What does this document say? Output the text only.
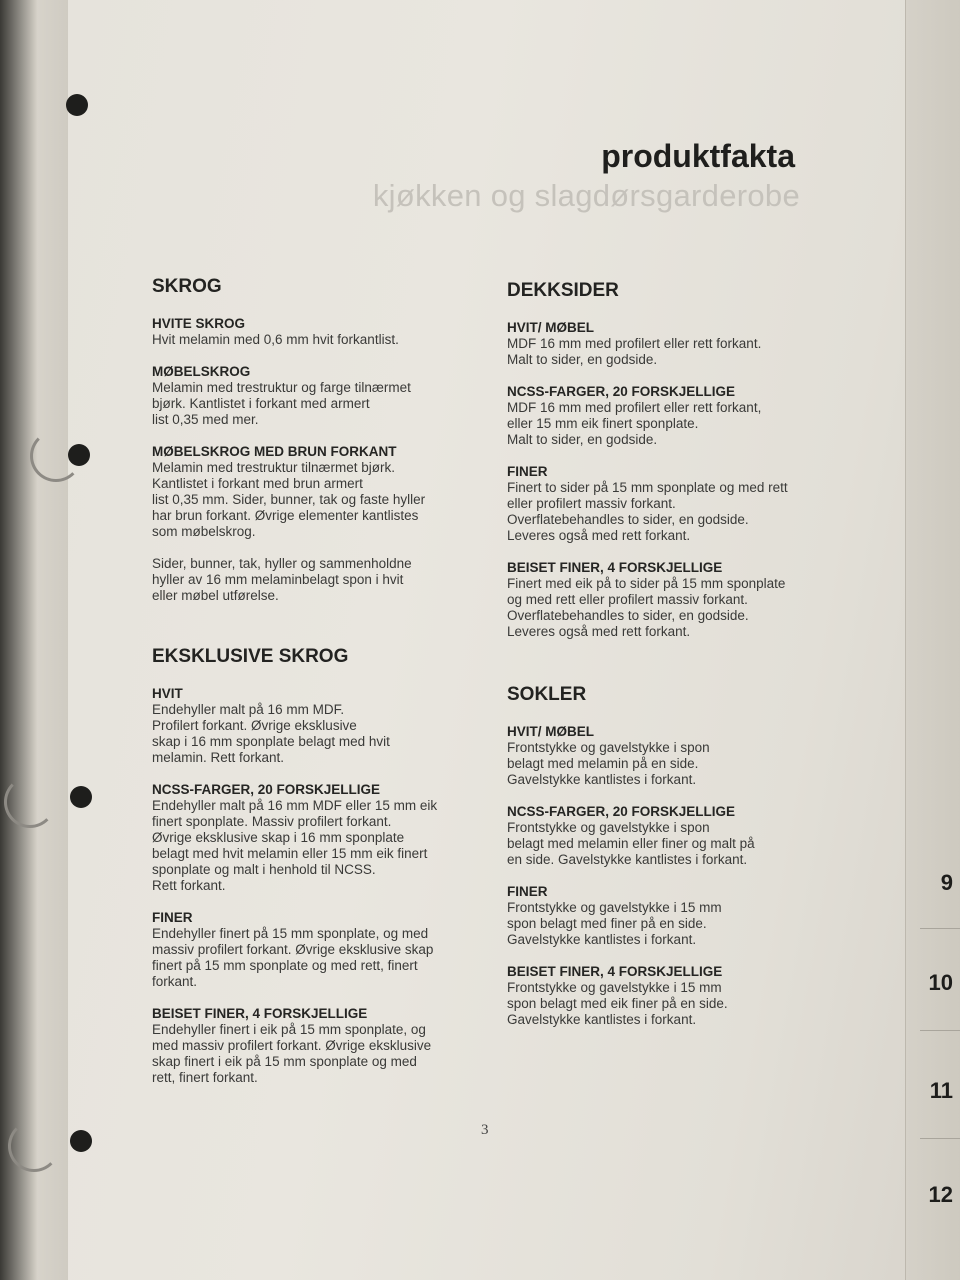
9
10
11
12
produktfakta
kjøkken og slagdørsgarderobe
SKROG
HVITE SKROG
Hvit melamin med 0,6 mm hvit forkantlist.
MØBELSKROG
Melamin med trestruktur og farge tilnærmet
bjørk. Kantlistet i forkant med armert
list 0,35 med mer.
MØBELSKROG MED BRUN FORKANT
Melamin med trestruktur tilnærmet bjørk.
Kantlistet i forkant med brun armert
list 0,35 mm. Sider, bunner, tak og faste hyller
har brun forkant. Øvrige elementer kantlistes
som møbelskrog.
Sider, bunner, tak, hyller og sammenholdne
hyller av 16 mm melaminbelagt spon i hvit
eller møbel utførelse.
EKSKLUSIVE SKROG
HVIT
Endehyller malt på 16 mm MDF.
Profilert forkant. Øvrige eksklusive
skap i 16 mm sponplate belagt med hvit
melamin. Rett forkant.
NCSS-FARGER, 20 FORSKJELLIGE
Endehyller malt på 16 mm MDF eller 15 mm eik
finert sponplate. Massiv profilert forkant.
Øvrige eksklusive skap i 16 mm sponplate
belagt med hvit melamin eller 15 mm eik finert
sponplate og malt i henhold til NCSS.
Rett forkant.
FINER
Endehyller finert på 15 mm sponplate, og med
massiv profilert forkant. Øvrige eksklusive skap
finert på 15 mm sponplate og med rett, finert
forkant.
BEISET FINER, 4 FORSKJELLIGE
Endehyller finert i eik på 15 mm sponplate, og
med massiv profilert forkant. Øvrige eksklusive
skap finert i eik på 15 mm sponplate og med
rett, finert forkant.
DEKKSIDER
HVIT/ MØBEL
MDF 16 mm med profilert eller rett forkant.
Malt to sider, en godside.
NCSS-FARGER, 20 FORSKJELLIGE
MDF 16 mm med profilert eller rett forkant,
eller 15 mm eik finert sponplate.
Malt to sider, en godside.
FINER
Finert to sider på 15 mm sponplate og med rett
eller profilert massiv forkant.
Overflatebehandles to sider, en godside.
Leveres også med rett forkant.
BEISET FINER, 4 FORSKJELLIGE
Finert med eik på to sider på 15 mm sponplate
og med rett eller profilert massiv forkant.
Overflatebehandles to sider, en godside.
Leveres også med rett forkant.
SOKLER
HVIT/ MØBEL
Frontstykke og gavelstykke i spon
belagt med melamin på en side.
Gavelstykke kantlistes i forkant.
NCSS-FARGER, 20 FORSKJELLIGE
Frontstykke og gavelstykke i spon
belagt med melamin eller finer og malt på
en side. Gavelstykke kantlistes i forkant.
FINER
Frontstykke og gavelstykke i 15 mm
spon belagt med finer på en side.
Gavelstykke kantlistes i forkant.
BEISET FINER, 4 FORSKJELLIGE
Frontstykke og gavelstykke i 15 mm
spon belagt med eik finer på en side.
Gavelstykke kantlistes i forkant.
3
